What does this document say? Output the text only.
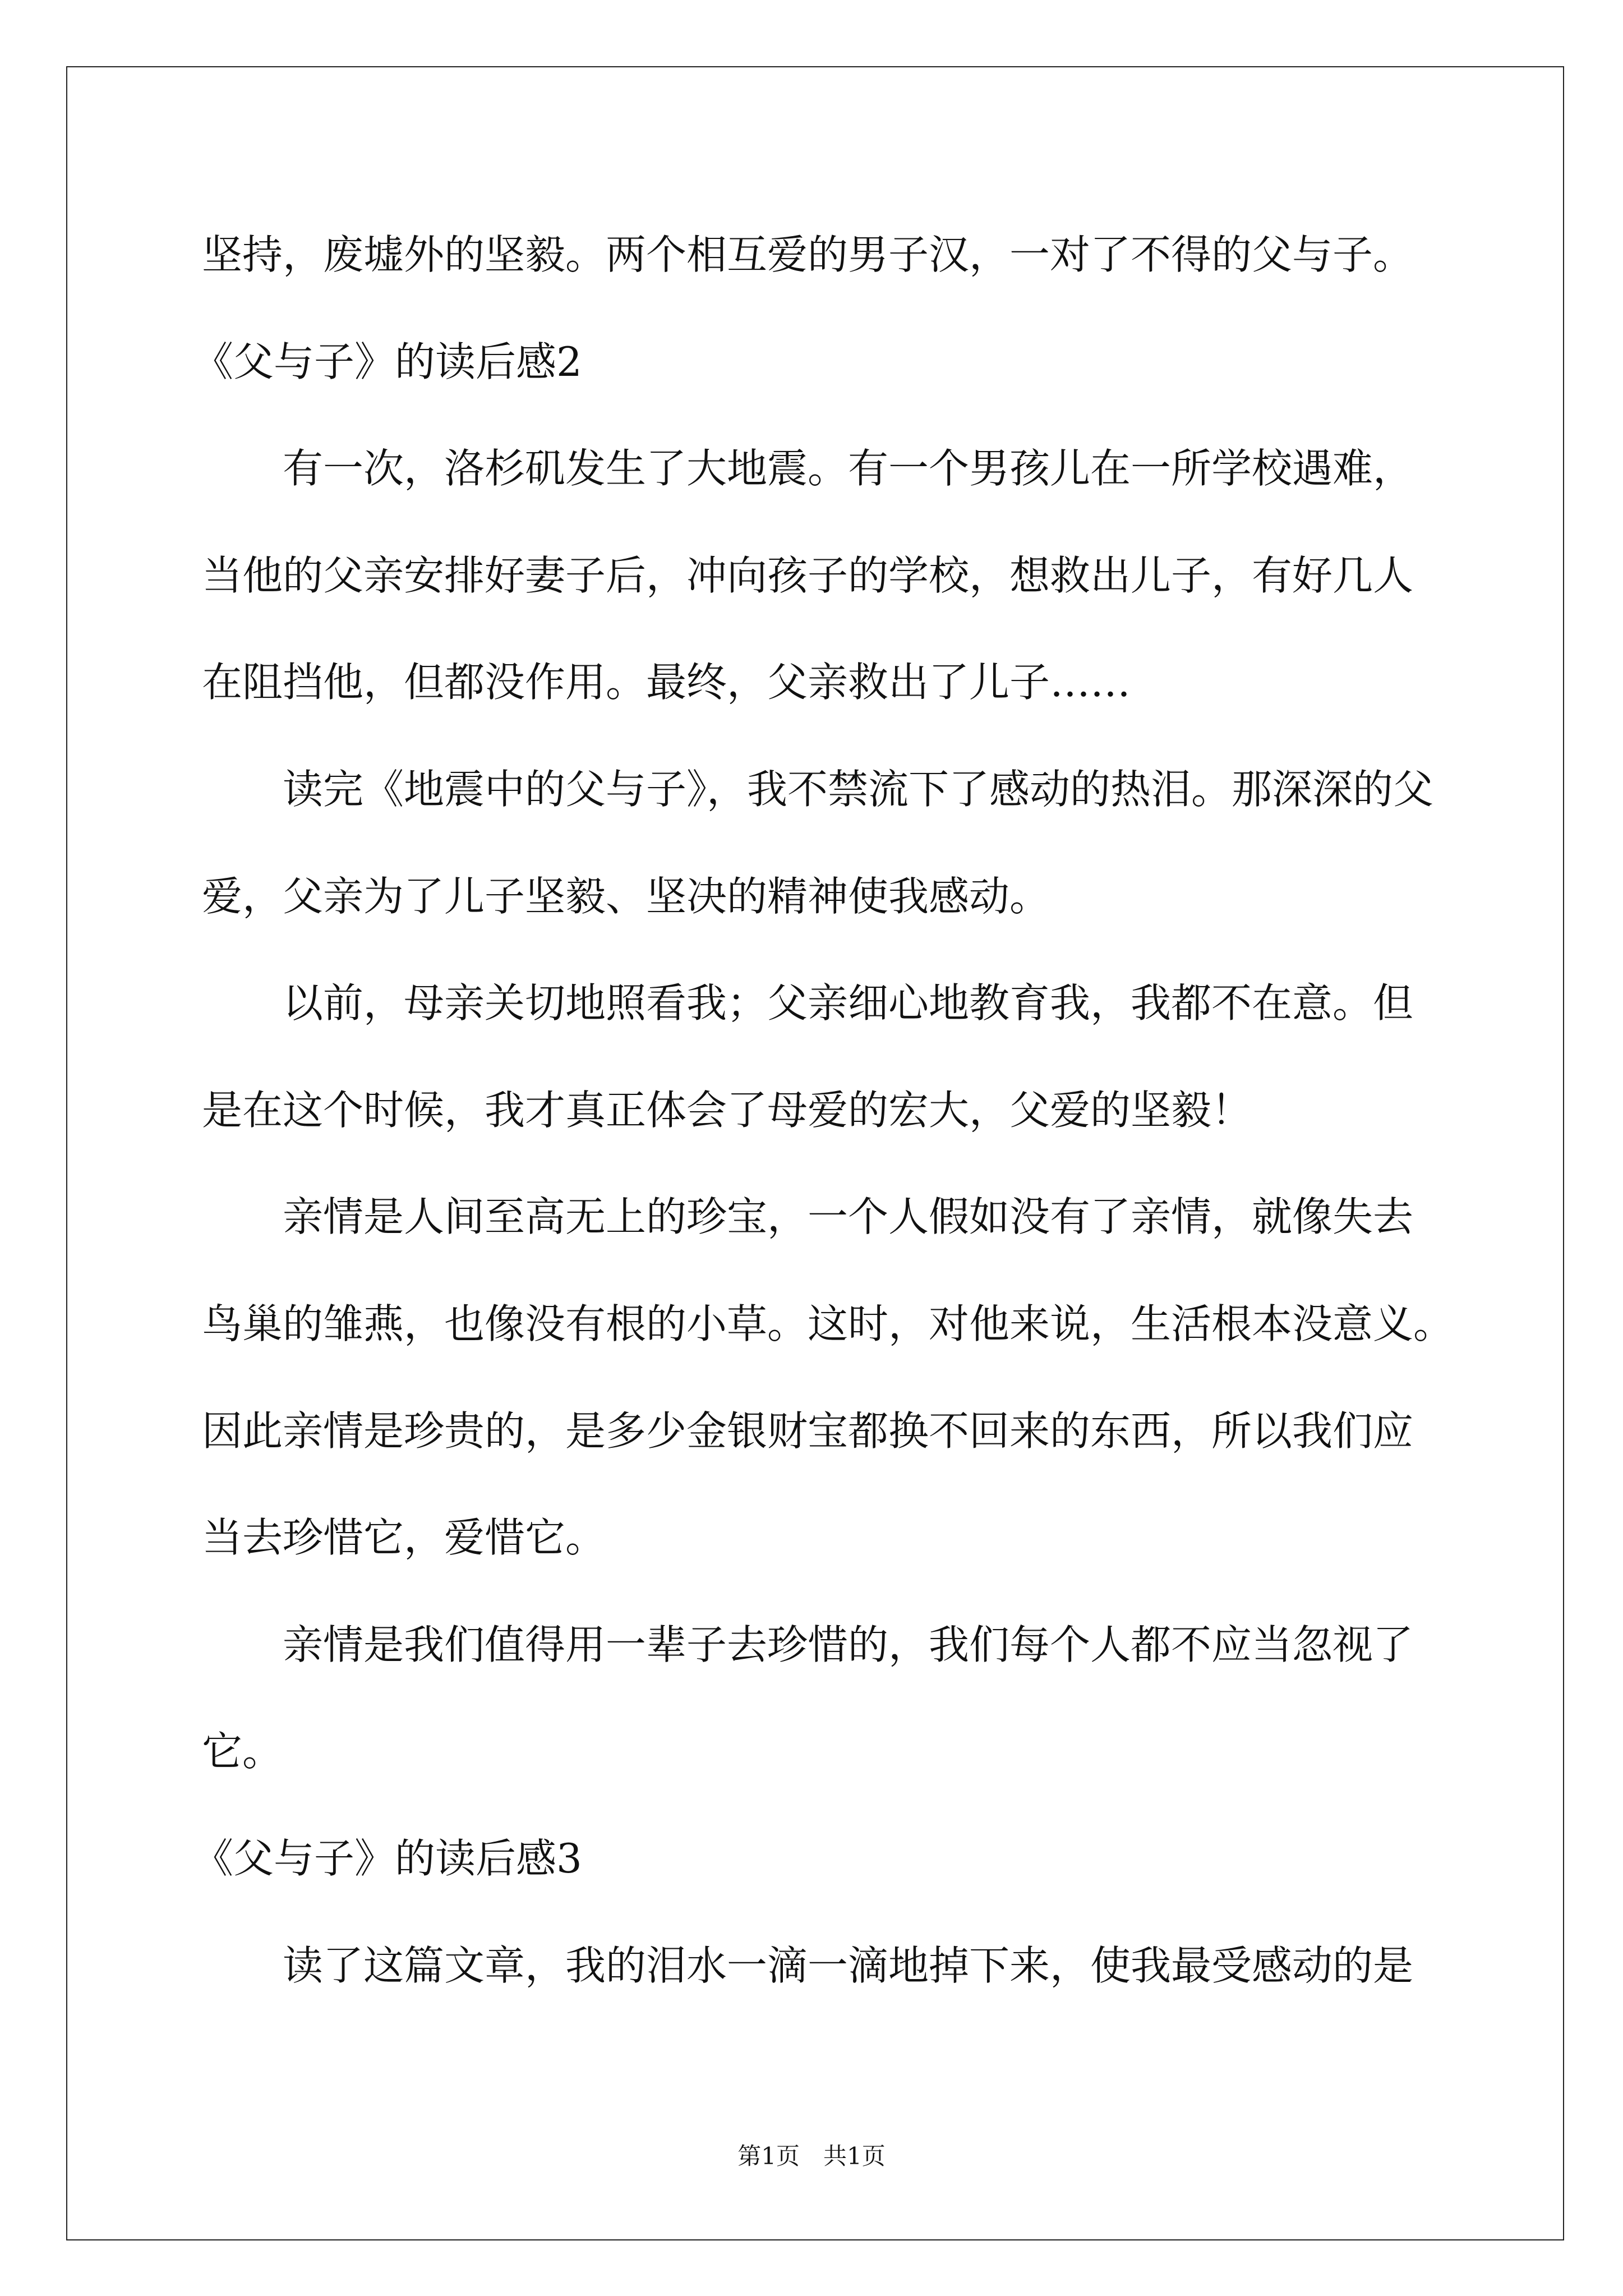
坚持，废墟外的坚毅。两个相互爱的男子汉，一对了不得的父与子。
《父与子》的读后感2
有一次，洛杉矶发生了大地震。有一个男孩儿在一所学校遇难，
当他的父亲安排好妻子后，冲向孩子的学校，想救出儿子，有好几人
在阻挡他，但都没作用。最终，父亲救出了儿子……
读完《地震中的父与子》，我不禁流下了感动的热泪。那深深的父
爱，父亲为了儿子坚毅、坚决的精神使我感动。
以前，母亲关切地照看我；父亲细心地教育我，我都不在意。但
是在这个时候，我才真正体会了母爱的宏大，父爱的坚毅！
亲情是人间至高无上的珍宝，一个人假如没有了亲情，就像失去
鸟巢的雏燕，也像没有根的小草。这时，对他来说，生活根本没意义。
因此亲情是珍贵的，是多少金银财宝都换不回来的东西，所以我们应
当去珍惜它，爱惜它。
亲情是我们值得用一辈子去珍惜的，我们每个人都不应当忽视了
它。
《父与子》的读后感3
读了这篇文章，我的泪水一滴一滴地掉下来，使我最受感动的是
第1页　共1页
